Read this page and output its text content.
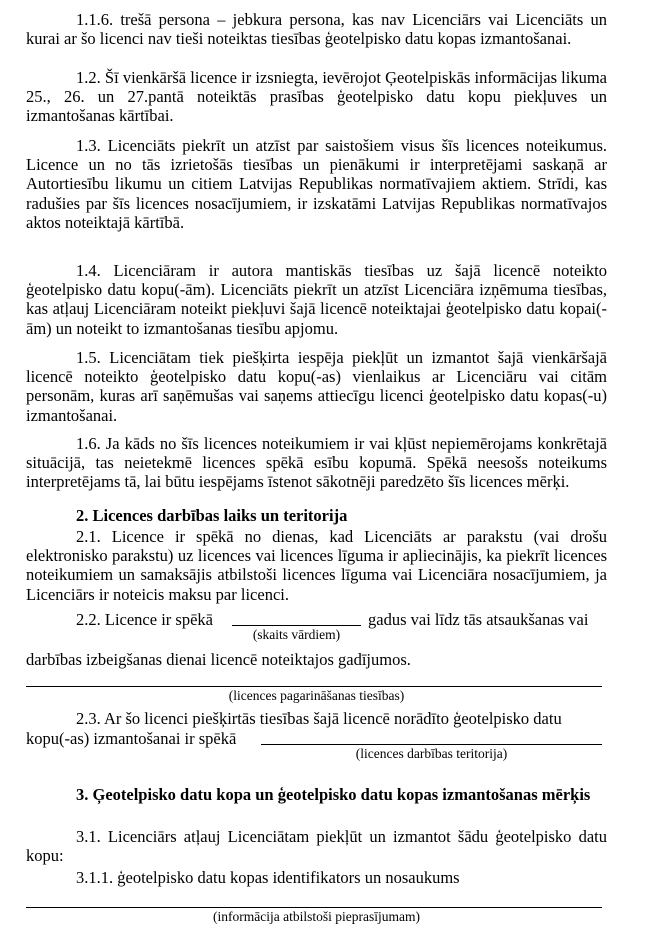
1.1.6. trešā persona – jebkura persona, kas nav Licenciārs vai Licenciāts un kurai ar šo licenci nav tieši noteiktas tiesības ģeotelpisko datu kopas izmantošanai.

1.2. Šī vienkāršā licence ir izsniegta, ievērojot Ģeotelpiskās informācijas likuma 25., 26. un 27.pantā noteiktās prasības ģeotelpisko datu kopu piekļuves un izmantošanas kārtībai.

1.3. Licenciāts piekrīt un atzīst par saistošiem visus šīs licences noteikumus. Licence un no tās izrietošās tiesības un pienākumi ir interpretējami saskaņā ar Autortiesību likumu un citiem Latvijas Republikas normatīvajiem aktiem. Strīdi, kas radušies par šīs licences nosacījumiem, ir izskatāmi Latvijas Republikas normatīvajos aktos noteiktajā kārtībā.

1.4. Licenciāram ir autora mantiskās tiesības uz šajā licencē noteikto ģeotelpisko datu kopu(-ām). Licenciāts piekrīt un atzīst Licenciāra izņēmuma tiesības, kas atļauj Licenciāram noteikt piekļuvi šajā licencē noteiktajai ģeotelpisko datu kopai(-ām) un noteikt to izmantošanas tiesību apjomu.

1.5. Licenciātam tiek piešķirta iespēja piekļūt un izmantot šajā vienkāršajā licencē noteikto ģeotelpisko datu kopu(-as) vienlaikus ar Licenciāru vai citām personām, kuras arī saņēmušas vai saņems attiecīgu licenci ģeotelpisko datu kopas(-u) izmantošanai.

1.6. Ja kāds no šīs licences noteikumiem ir vai kļūst nepiemērojams konkrētajā situācijā, tas neietekmē licences spēkā esību kopumā. Spēkā neesošs noteikums interpretējams tā, lai būtu iespējams īstenot sākotnēji paredzēto šīs licences mērķi.

2. Licences darbības laiks un teritorija

2.1. Licence ir spēkā no dienas, kad Licenciāts ar parakstu (vai drošu elektronisko parakstu) uz licences vai licences līguma ir apliecinājis, ka piekrīt licences noteikumiem un samaksājis atbilstoši licences līguma vai Licenciāra nosacījumiem, ja Licenciārs ir noteicis maksu par licenci.

2.2. Licence ir spēkā	gadus vai līdz tās atsaukšanas vai
(skaits vārdiem)
darbības izbeigšanas dienai licencē noteiktajos gadījumos.
(licences pagarināšanas tiesības)
2.3. Ar šo licenci piešķirtās tiesības šajā licencē norādīto ģeotelpisko datu
kopu(-as) izmantošanai ir spēkā
(licences darbības teritorija)

3. Ģeotelpisko datu kopa un ģeotelpisko datu kopas izmantošanas mērķis

3.1. Licenciārs atļauj Licenciātam piekļūt un izmantot šādu ģeotelpisko datu kopu:

3.1.1. ģeotelpisko datu kopas identifikators un nosaukums
(informācija atbilstoši pieprasījumam)
